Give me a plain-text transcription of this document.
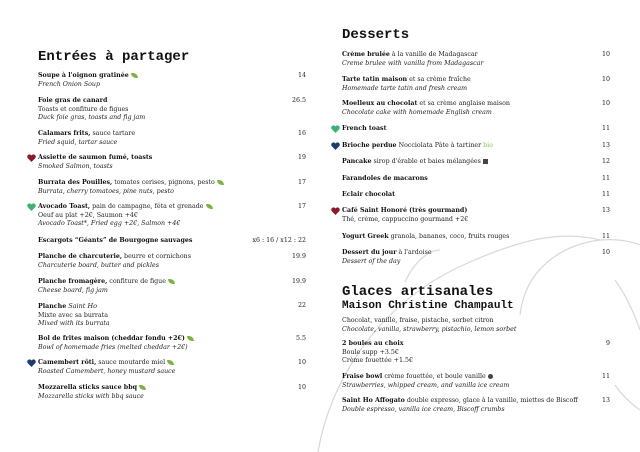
Entrées à partager
Soupe à l'oignon gratinée
French Onion Soup
14
Foie gras de canard
Toasts et confiture de figues
Duck foie gras, toasts and fig jam
26.5
Calamars frits, sauce tartare
Fried squid, tartar sauce
16
Assiette de saumon fumé, toasts
Smoked Salmon, toasts
19
Burrata des Pouilles, tomates cerises, pignons, pesto
Burrata, cherry tomatoes, pine nuts, pesto
17
Avocado Toast, pain de campagne, féta et grenade
Oeuf au plat +2€, Saumon +4€
Avocado Toast*, Fried egg +2€, Salmon +4€
17
Escargots “Géants” de Bourgogne sauvages	x6 : 16 / x12 : 22
Planche de charcuterie, beurre et cornichons
Charcuterie board, butter and pickles
19.9
Planche fromagère, confiture de figue
Cheese board, fig jam
19.9
Planche Saint Ho
Mixte avec sa burrata
Mixed with its burrata
22
Bol de frites maison (cheddar fondu +2€)
Bowl of homemade fries (melted cheddar +2€)
5.5
Camembert rôti, sauce moutarde miel
Roasted Camembert, honey mustard sauce
10
Mozzarella sticks sauce bbq
Mozzarella sticks with bbq sauce
10
Desserts
Crème brulée à la vanille de Madagascar
Creme brulee with vanilla from Madagascar
10
Tarte tatin maison et sa crème fraîche
Homemade tarte tatin and fresh cream
10
Moelleux au chocolat et sa crème anglaise maison
Chocolate cake with homemade English cream
10
French toast	11
Brioche perdue Nocciolata Pâte à tartiner bio	13
Pancake sirop d'érable et baies mélangées	12
Farandoles de macarons	11
Eclair chocolat	11
Café Saint Honoré (très gourmand)
Thé, crème, cappuccino gourmand +2€
13
Yogurt Greek granola, bananes, coco, fruits rouges	11
Dessert du jour à l'ardoise
Dessert of the day
10
Glaces artisanales
Maison Christine Champault
Chocolat, vanille, fraise, pistache, sorbet citron
Chocolate, vanilla, strawberry, pistachio, lemon sorbet
2 boules au choix
Boule supp +3.5€
Crème fouettée +1.5€
9
Fraise bowl crème fouettée, et boule vanille
Strawberries, whipped cream, and vanilla ice cream
11
Saint Ho Affogato double expresso, glace à la vanille, miettes de Biscoff
Double espresso, vanilla ice cream, Biscoff crumbs
13
